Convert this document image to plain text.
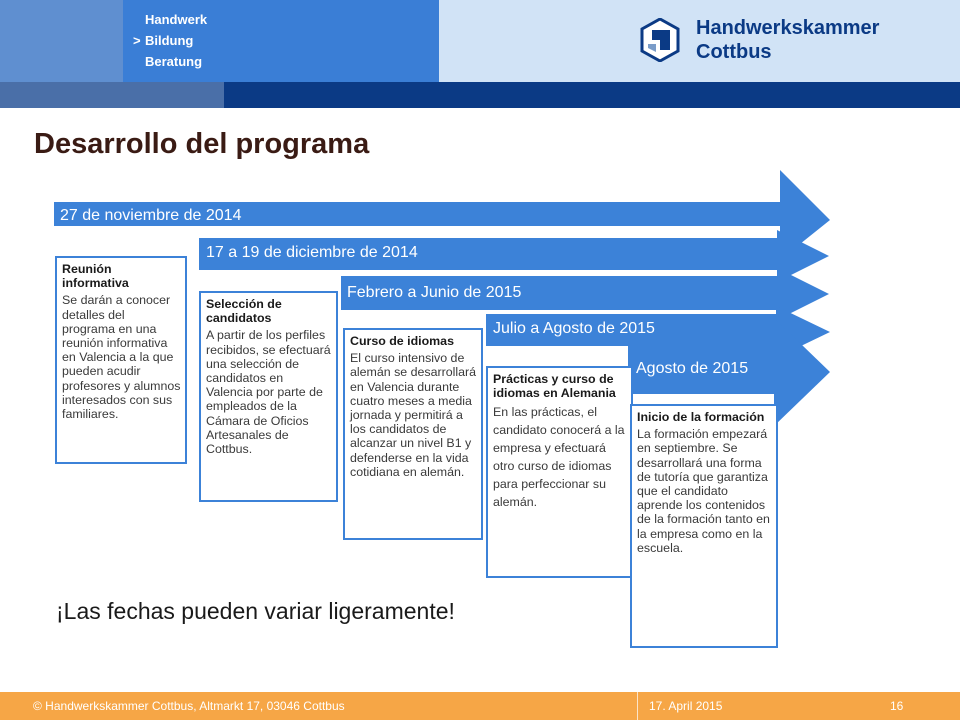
Handwerk
> Bildung
Beratung
Handwerkskammer
Cottbus
Desarrollo del programa
27 de noviembre de 2014
17 a 19 de diciembre de 2014
Febrero a Junio de 2015
Julio a Agosto de 2015
Agosto de 2015
Reunión informativa
Se darán a conocer detalles del programa en una reunión informativa en Valencia a la que pueden acudir profesores y alumnos interesados con sus familiares.
Selección de candidatos
A partir de los perfiles recibidos, se efectuará una selección de candidatos en Valencia por parte de empleados de la Cámara de Oficios Artesanales de Cottbus.
Curso de idiomas
El curso intensivo de alemán se desarrollará en Valencia durante cuatro meses a media jornada y permitirá a los candidatos de alcanzar un nivel B1 y defenderse en la vida cotidiana en alemán.
Prácticas y curso de idiomas en Alemania
En las prácticas, el candidato conocerá a la empresa y efectuará otro curso de idiomas para perfeccionar su alemán.
Inicio de la formación
La formación empezará en septiembre. Se desarrollará una forma de tutoría que garantiza que el candidato aprende los contenidos de la formación tanto en la empresa como en la escuela.
¡Las fechas pueden variar ligeramente!
© Handwerkskammer Cottbus, Altmarkt 17, 03046 Cottbus	17. April 2015	16
